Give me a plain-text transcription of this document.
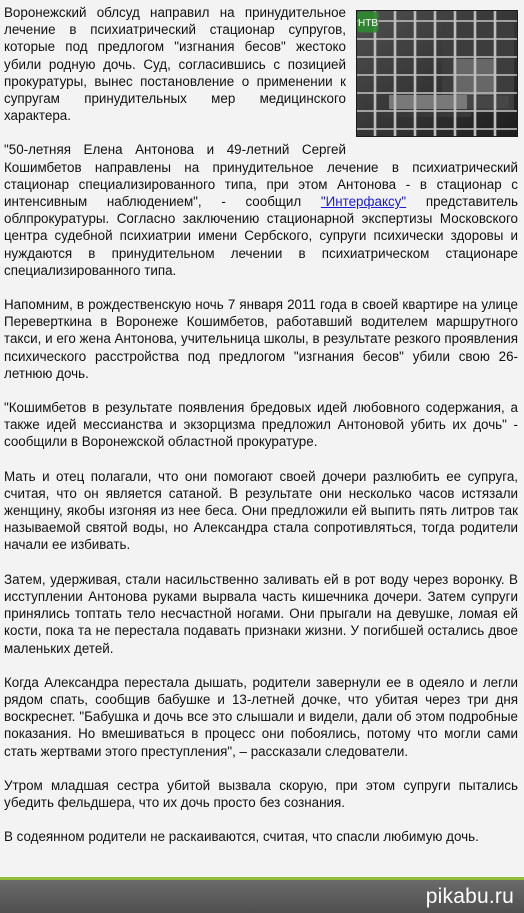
НТВ

Воронежский облсуд направил на принудительное лечение в психиатрический стационар супругов, которые под предлогом "изгнания бесов" жестоко убили родную дочь. Суд, согласившись с позицией прокуратуры, вынес постановление о применении к супругам принудительных мер медицинского характера.

"50-летняя Елена Антонова и 49-летний Сергей Кошимбетов направлены на принудительное лечение в психиатрический стационар специализированного типа, при этом Антонова - в стационар с интенсивным наблюдением", - сообщил "Интерфаксу" представитель облпрокуратуры. Согласно заключению стационарной экспертизы Московского центра судебной психиатрии имени Сербского, супруги психически здоровы и нуждаются в принудительном лечении в психиатрическом стационаре специализированного типа.

Напомним, в рождественскую ночь 7 января 2011 года в своей квартире на улице Переверткина в Воронеже Кошимбетов, работавший водителем маршрутного такси, и его жена Антонова, учительница школы, в результате резкого проявления психического расстройства под предлогом "изгнания бесов" убили свою 26-летнюю дочь.

"Кошимбетов в результате появления бредовых идей любовного содержания, а также идей мессианства и экзорцизма предложил Антоновой убить их дочь" - сообщили в Воронежской областной прокуратуре.

Мать и отец полагали, что они помогают своей дочери разлюбить ее супруга, считая, что он является сатаной. В результате они несколько часов истязали женщину, якобы изгоняя из нее беса. Они предложили ей выпить пять литров так называемой святой воды, но Александра стала сопротивляться, тогда родители начали ее избивать.

Затем, удерживая, стали насильственно заливать ей в рот воду через воронку. В исступлении Антонова руками вырвала часть кишечника дочери. Затем супруги принялись топтать тело несчастной ногами. Они прыгали на девушке, ломая ей кости, пока та не перестала подавать признаки жизни. У погибшей остались двое маленьких детей.

Когда Александра перестала дышать, родители завернули ее в одеяло и легли рядом спать, сообщив бабушке и 13-летней дочке, что убитая через три дня воскреснет. "Бабушка и дочь все это слышали и видели, дали об этом подробные показания. Но вмешиваться в процесс они побоялись, потому что могли сами стать жертвами этого преступления", – рассказали следователи.

Утром младшая сестра убитой вызвала скорую, при этом супруги пытались убедить фельдшера, что их дочь просто без сознания.

В содеянном родители не раскаиваются, считая, что спасли любимую дочь.

pikabu.ru
